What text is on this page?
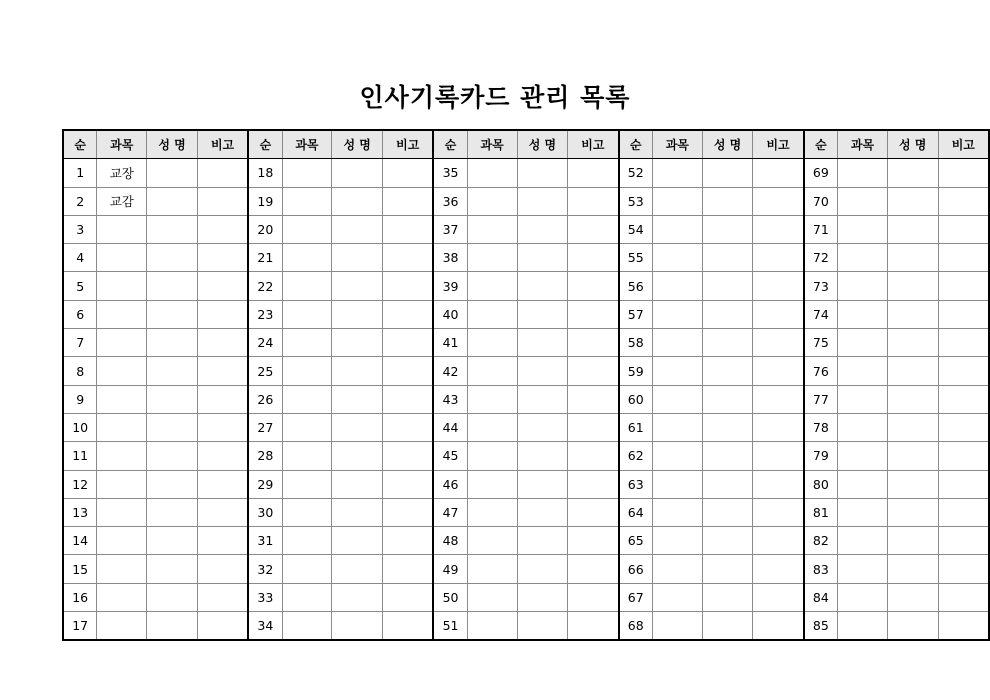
인사기록카드 관리 목록
순	과목	성 명	비고	순	과목	성 명	비고	순	과목	성 명	비고	순	과목	성 명	비고	순	과목	성 명	비고
1	교장			18				35				52				69			
2	교감			19				36				53				70			
3				20				37				54				71			
4				21				38				55				72			
5				22				39				56				73			
6				23				40				57				74			
7				24				41				58				75			
8				25				42				59				76			
9				26				43				60				77			
10				27				44				61				78			
11				28				45				62				79			
12				29				46				63				80			
13				30				47				64				81			
14				31				48				65				82			
15				32				49				66				83			
16				33				50				67				84			
17				34				51				68				85			
